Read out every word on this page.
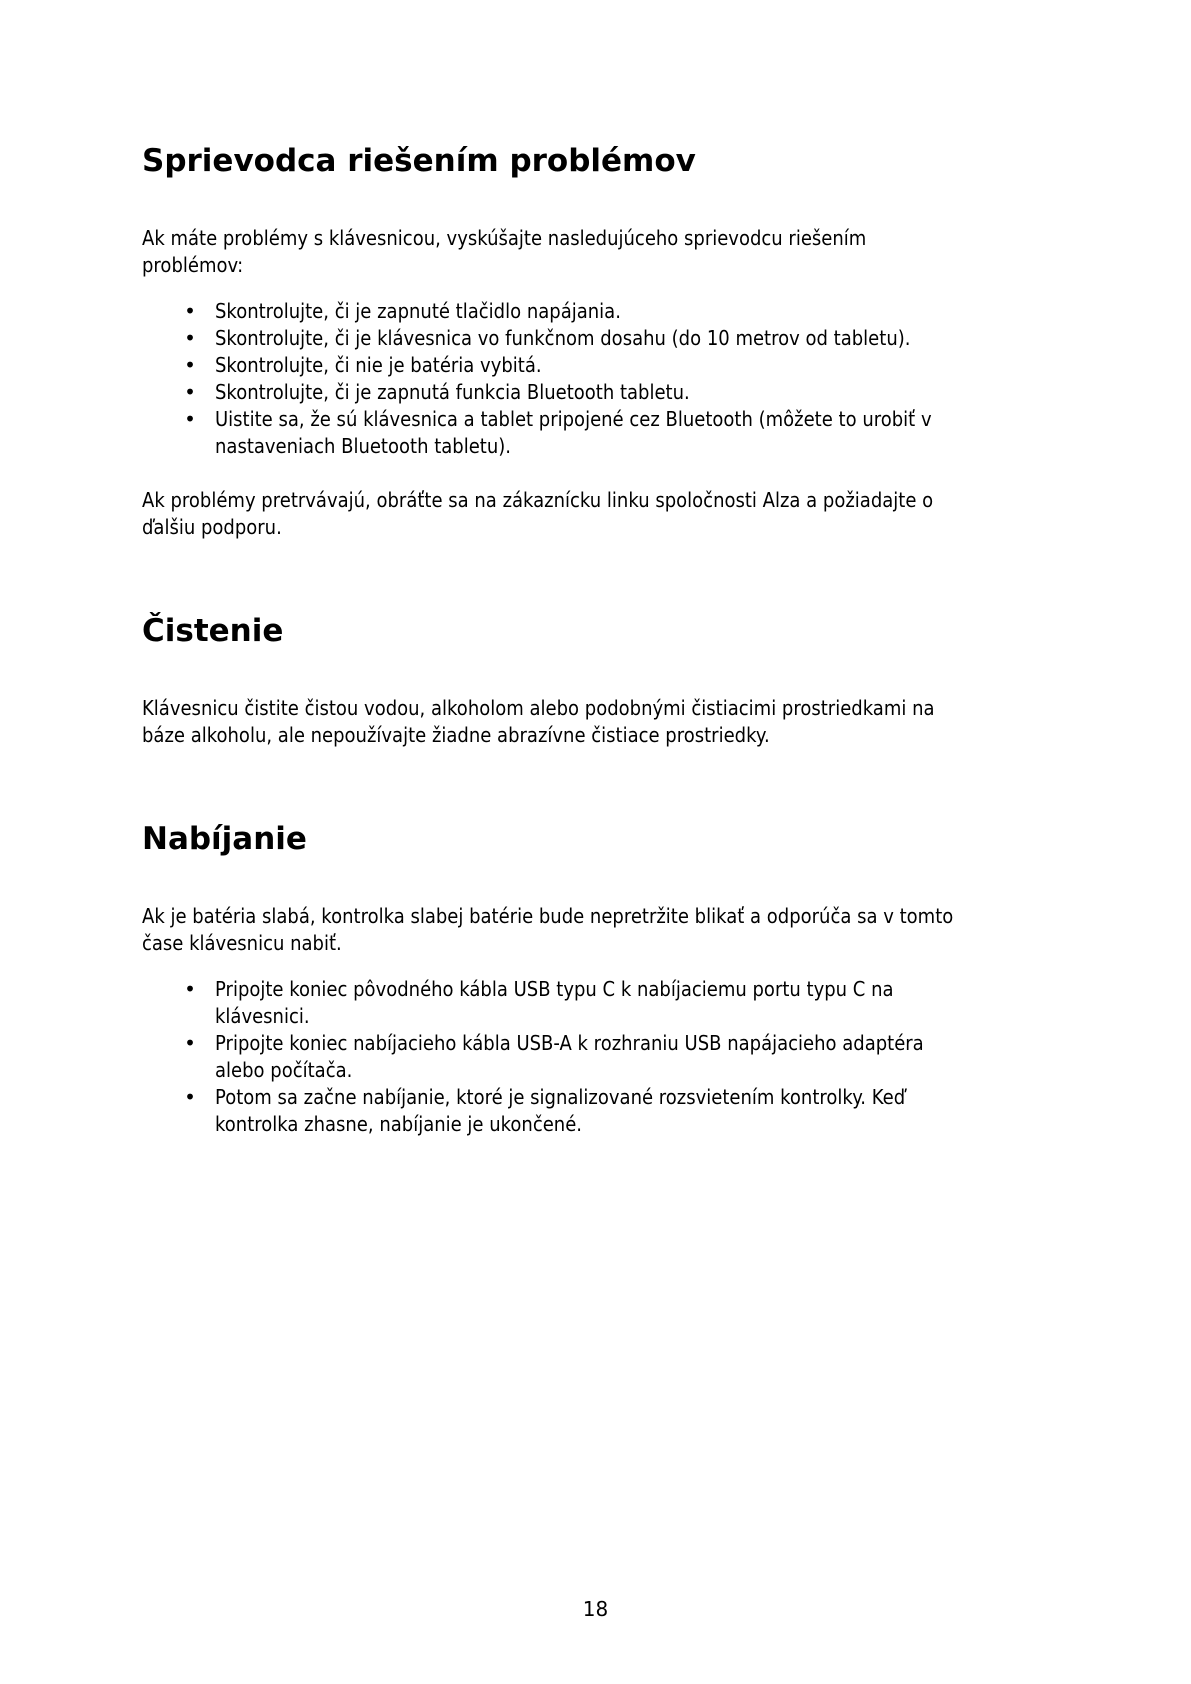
Sprievodca riešením problémov

Ak máte problémy s klávesnicou, vyskúšajte nasledujúceho sprievodcu riešením problémov:

• Skontrolujte, či je zapnuté tlačidlo napájania.
• Skontrolujte, či je klávesnica vo funkčnom dosahu (do 10 metrov od tabletu).
• Skontrolujte, či nie je batéria vybitá.
• Skontrolujte, či je zapnutá funkcia Bluetooth tabletu.
• Uistite sa, že sú klávesnica a tablet pripojené cez Bluetooth (môžete to urobiť v nastaveniach Bluetooth tabletu).

Ak problémy pretrvávajú, obráťte sa na zákaznícku linku spoločnosti Alza a požiadajte o ďalšiu podporu.

Čistenie

Klávesnicu čistite čistou vodou, alkoholom alebo podobnými čistiacimi prostriedkami na báze alkoholu, ale nepoužívajte žiadne abrazívne čistiace prostriedky.

Nabíjanie

Ak je batéria slabá, kontrolka slabej batérie bude nepretržite blikať a odporúča sa v tomto čase klávesnicu nabiť.

• Pripojte koniec pôvodného kábla USB typu C k nabíjaciemu portu typu C na klávesnici.
• Pripojte koniec nabíjacieho kábla USB-A k rozhraniu USB napájacieho adaptéra alebo počítača.
• Potom sa začne nabíjanie, ktoré je signalizované rozsvietením kontrolky. Keď kontrolka zhasne, nabíjanie je ukončené.
18
